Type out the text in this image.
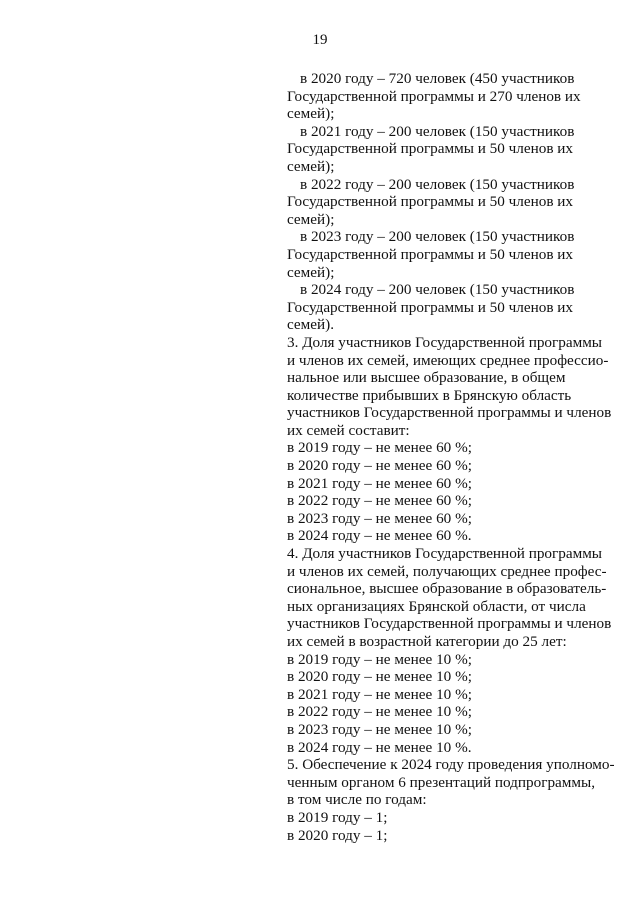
19
в 2020 году – 720 человек (450 участников
Государственной программы и 270 членов их
семей);
в 2021 году – 200 человек (150 участников
Государственной программы и 50 членов их
семей);
в 2022 году – 200 человек (150 участников
Государственной программы и 50 членов их
семей);
в 2023 году – 200 человек (150 участников
Государственной программы и 50 членов их
семей);
в 2024 году – 200 человек (150 участников
Государственной программы и 50 членов их
семей).
3. Доля участников Государственной программы
и членов их семей, имеющих среднее профессио-
нальное или высшее образование, в общем
количестве прибывших в Брянскую область
участников Государственной программы и членов
их семей составит:
в 2019 году – не менее 60 %;
в 2020 году – не менее 60 %;
в 2021 году – не менее 60 %;
в 2022 году – не менее 60 %;
в 2023 году – не менее 60 %;
в 2024 году – не менее 60 %.
4. Доля участников Государственной программы
и членов их семей, получающих среднее профес-
сиональное, высшее образование в образователь-
ных организациях Брянской области, от числа
участников Государственной программы и членов
их семей в возрастной категории до 25 лет:
в 2019 году – не менее 10 %;
в 2020 году – не менее 10 %;
в 2021 году – не менее 10 %;
в 2022 году – не менее 10 %;
в 2023 году – не менее 10 %;
в 2024 году – не менее 10 %.
5. Обеспечение к 2024 году проведения уполномо-
ченным органом 6 презентаций подпрограммы,
в том числе по годам:
в 2019 году – 1;
в 2020 году – 1;
